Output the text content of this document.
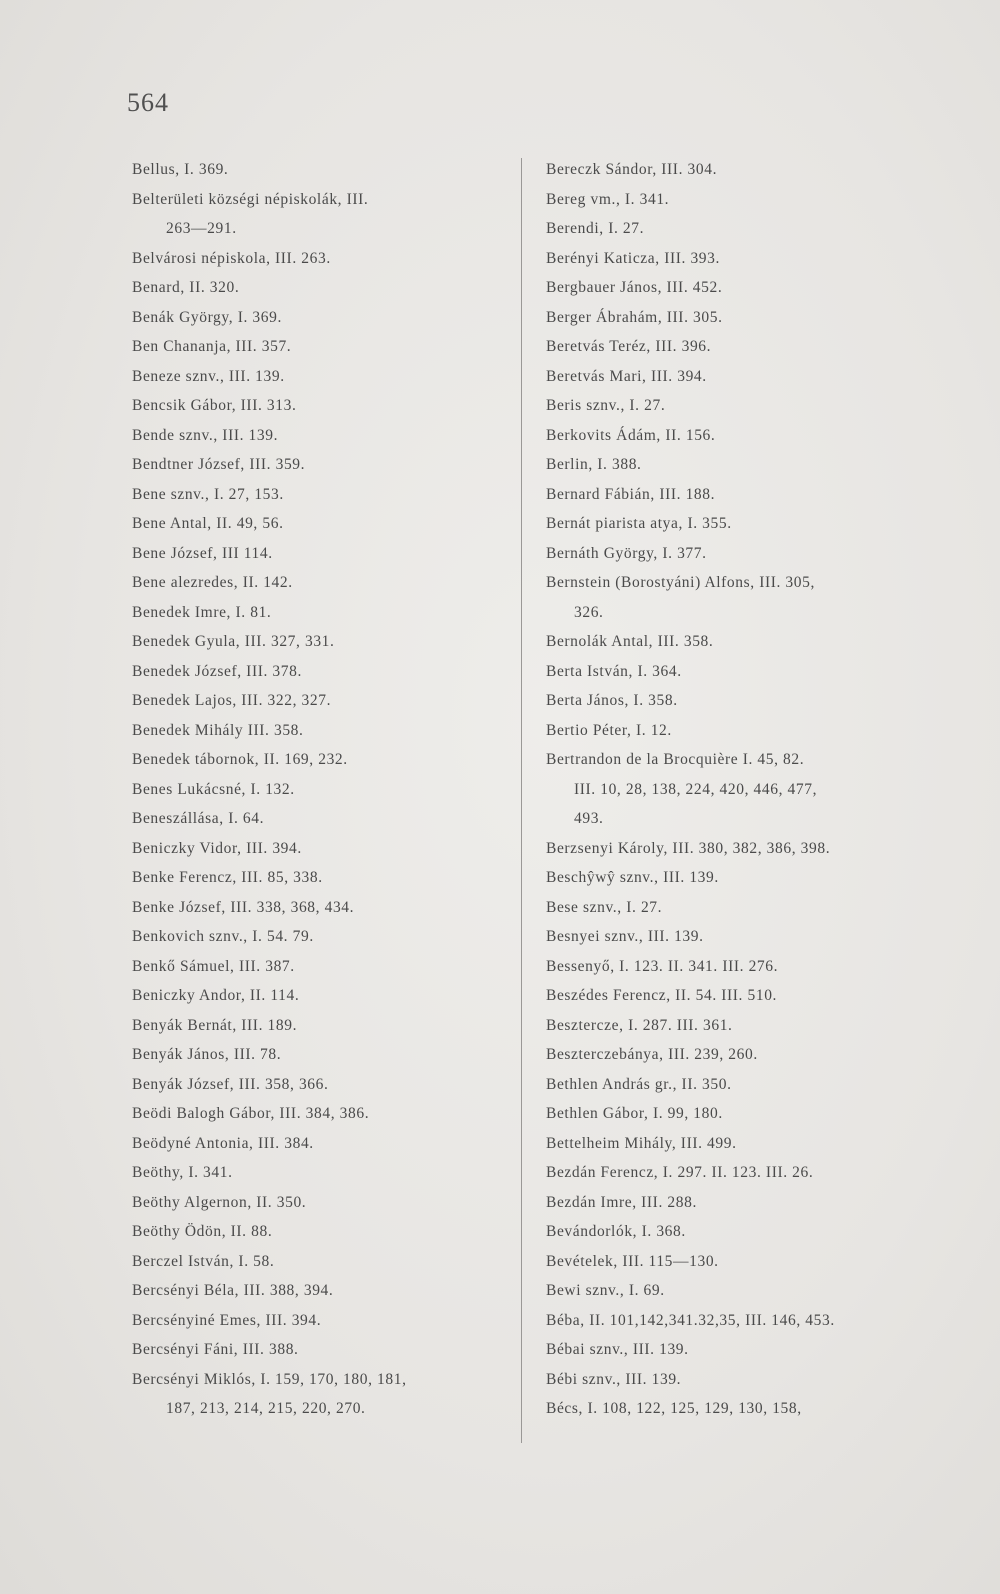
564
Bellus, I. 369.
Belterületi községi népiskolák, III.
263—291.
Belvárosi népiskola, III. 263.
Benard, II. 320.
Benák György, I. 369.
Ben Chananja, III. 357.
Beneze sznv., III. 139.
Bencsik Gábor, III. 313.
Bende sznv., III. 139.
Bendtner József, III. 359.
Bene sznv., I. 27, 153.
Bene Antal, II. 49, 56.
Bene József, III 114.
Bene alezredes, II. 142.
Benedek Imre, I. 81.
Benedek Gyula, III. 327, 331.
Benedek József, III. 378.
Benedek Lajos, III. 322, 327.
Benedek Mihály III. 358.
Benedek tábornok, II. 169, 232.
Benes Lukácsné, I. 132.
Beneszállása, I. 64.
Beniczky Vidor, III. 394.
Benke Ferencz, III. 85, 338.
Benke József, III. 338, 368, 434.
Benkovich sznv., I. 54. 79.
Benkő Sámuel, III. 387.
Beniczky Andor, II. 114.
Benyák Bernát, III. 189.
Benyák János, III. 78.
Benyák József, III. 358, 366.
Beödi Balogh Gábor, III. 384, 386.
Beödyné Antonia, III. 384.
Beöthy, I. 341.
Beöthy Algernon, II. 350.
Beöthy Ödön, II. 88.
Berczel István, I. 58.
Bercsényi Béla, III. 388, 394.
Bercsényiné Emes, III. 394.
Bercsényi Fáni, III. 388.
Bercsényi Miklós, I. 159, 170, 180, 181,
187, 213, 214, 215, 220, 270.
Bereczk Sándor, III. 304.
Bereg vm., I. 341.
Berendi, I. 27.
Berényi Katicza, III. 393.
Bergbauer János, III. 452.
Berger Ábrahám, III. 305.
Beretvás Teréz, III. 396.
Beretvás Mari, III. 394.
Beris sznv., I. 27.
Berkovits Ádám, II. 156.
Berlin, I. 388.
Bernard Fábián, III. 188.
Bernát piarista atya, I. 355.
Bernáth György, I. 377.
Bernstein (Borostyáni) Alfons, III. 305,
326.
Bernolák Antal, III. 358.
Berta István, I. 364.
Berta János, I. 358.
Bertio Péter, I. 12.
Bertrandon de la Brocquière I. 45, 82.
III. 10, 28, 138, 224, 420, 446, 477,
493.
Berzsenyi Károly, III. 380, 382, 386, 398.
Beschŷwŷ sznv., III. 139.
Bese sznv., I. 27.
Besnyei sznv., III. 139.
Bessenyő, I. 123. II. 341. III. 276.
Beszédes Ferencz, II. 54. III. 510.
Besztercze, I. 287. III. 361.
Beszterczebánya, III. 239, 260.
Bethlen András gr., II. 350.
Bethlen Gábor, I. 99, 180.
Bettelheim Mihály, III. 499.
Bezdán Ferencz, I. 297. II. 123. III. 26.
Bezdán Imre, III. 288.
Bevándorlók, I. 368.
Bevételek, III. 115—130.
Bewi sznv., I. 69.
Béba, II. 101,142,341.32,35, III. 146, 453.
Bébai sznv., III. 139.
Bébi sznv., III. 139.
Bécs, I. 108, 122, 125, 129, 130, 158,
